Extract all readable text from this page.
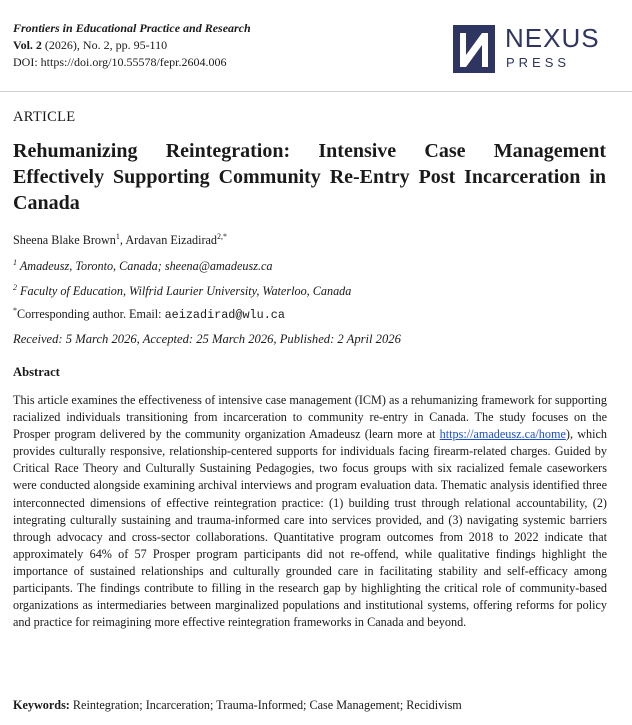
Frontiers in Educational Practice and Research
Vol. 2 (2026), No. 2, pp. 95-110
DOI: https://doi.org/10.55578/fepr.2604.006
NEXUS
PRESS
ARTICLE
Rehumanizing Reintegration: Intensive Case Management Effectively Supporting Community Re-Entry Post Incarceration in Canada
Sheena Blake Brown$^1$, Ardavan Eizadirad$^{2,*}$
$^1$ Amadeusz, Toronto, Canada; sheena@amadeusz.ca
$^2$ Faculty of Education, Wilfrid Laurier University, Waterloo, Canada
*Corresponding author. Email: aeizadirad@wlu.ca
Received: 5 March 2026, Accepted: 25 March 2026, Published: 2 April 2026
Abstract
This article examines the effectiveness of intensive case management (ICM) as a rehumanizing framework for supporting racialized individuals transitioning from incarceration to community re-entry in Canada. The study focuses on the Prosper program delivered by the community organization Amadeusz (learn more at https://amadeusz.ca/home), which provides culturally responsive, relationship-centered supports for individuals facing firearm-related charges. Guided by Critical Race Theory and Culturally Sustaining Pedagogies, two focus groups with six racialized female caseworkers were conducted alongside examining archival interviews and program evaluation data. Thematic analysis identified three interconnected dimensions of effective reintegration practice: (1) building trust through relational accountability, (2) integrating culturally sustaining and trauma-informed care into services provided, and (3) navigating systemic barriers through advocacy and cross-sector collaborations. Quantitative program outcomes from 2018 to 2022 indicate that approximately 64% of 57 Prosper program participants did not re-offend, while qualitative findings highlight the importance of sustained relationships and culturally grounded care in facilitating stability and self-efficacy among participants. The findings contribute to filling in the research gap by highlighting the critical role of community-based organizations as intermediaries between marginalized populations and institutional systems, offering reforms for policy and practice for reimagining more effective reintegration frameworks in Canada and beyond.
Keywords: Reintegration; Incarceration; Trauma-Informed; Case Management; Recidivism
